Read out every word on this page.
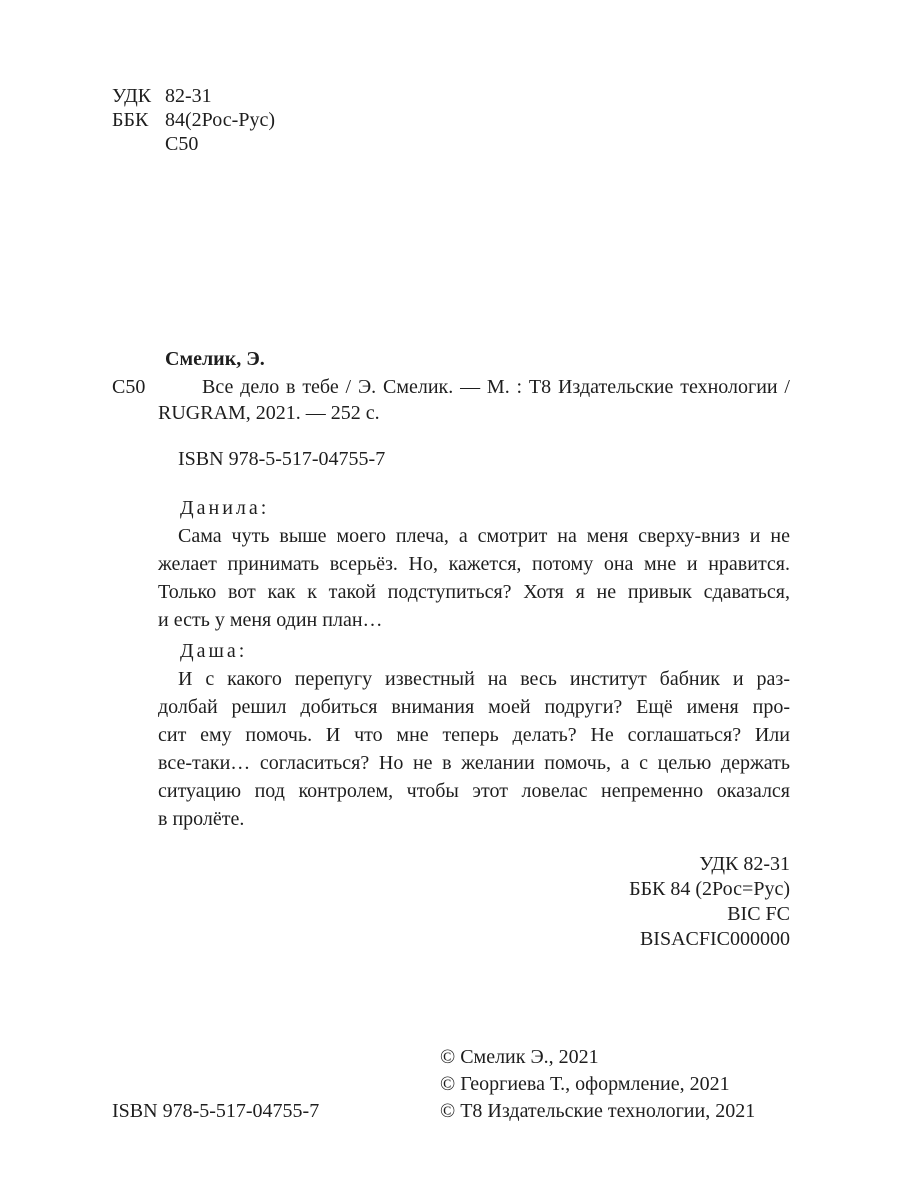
УДК 82-31
ББК 84(2Рос-Рус)
С50
Смелик, Э.
С50	Все дело в тебе / Э. Смелик. — М. : Т8 Издательские технологии /
RUGRAM, 2021. — 252 с.
ISBN 978-5-517-04755-7
Данила:
Сама чуть выше моего плеча, а смотрит на меня сверху-вниз и не
желает принимать всерьёз. Но, кажется, потому она мне и нравится.
Только вот как к такой подступиться? Хотя я не привык сдаваться,
и есть у меня один план…
Даша:
И с какого перепугу известный на весь институт бабник и раз-
долбай решил добиться внимания моей подруги? Ещё именя про-
сит ему помочь. И что мне теперь делать? Не соглашаться? Или
все-таки… согласиться? Но не в желании помочь, а с целью держать
ситуацию под контролем, чтобы этот ловелас непременно оказался
в пролёте.
УДК 82-31
ББК 84 (2Рос=Рус)
BIC FC
BISACFIC000000
© Смелик Э., 2021
© Георгиева Т., оформление, 2021
© Т8 Издательские технологии, 2021
ISBN 978-5-517-04755-7
